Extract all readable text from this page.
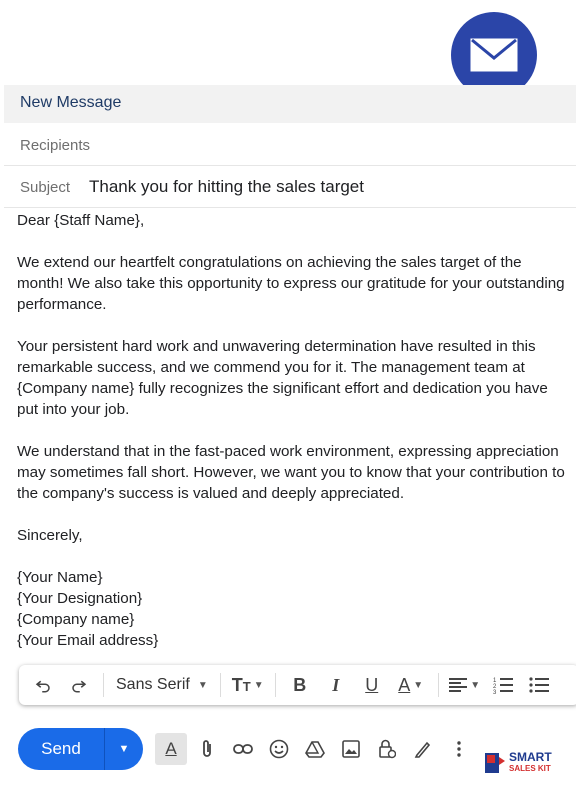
New Message
Recipients
Subject Thank you for hitting the sales target

Dear {Staff Name},

We extend our heartfelt congratulations on achieving the sales target of the month! We also take this opportunity to express our gratitude for your outstanding performance.

Your persistent hard work and unwavering determination have resulted in this remarkable success, and we commend you for it. The management team at {Company name} fully recognizes the significant effort and dedication you have put into your job.

We understand that in the fast-paced work environment, expressing appreciation may sometimes fall short. However, we want you to know that your contribution to the company's success is valued and deeply appreciated.

Sincerely,

{Your Name}

{Your Designation}

{Company name}

{Your Email address}

Sans Serif ▼ TT ▼	B	I	U	A ▼	▼ 1
2
3
Send	▼ A	SMART
SALES KIT
